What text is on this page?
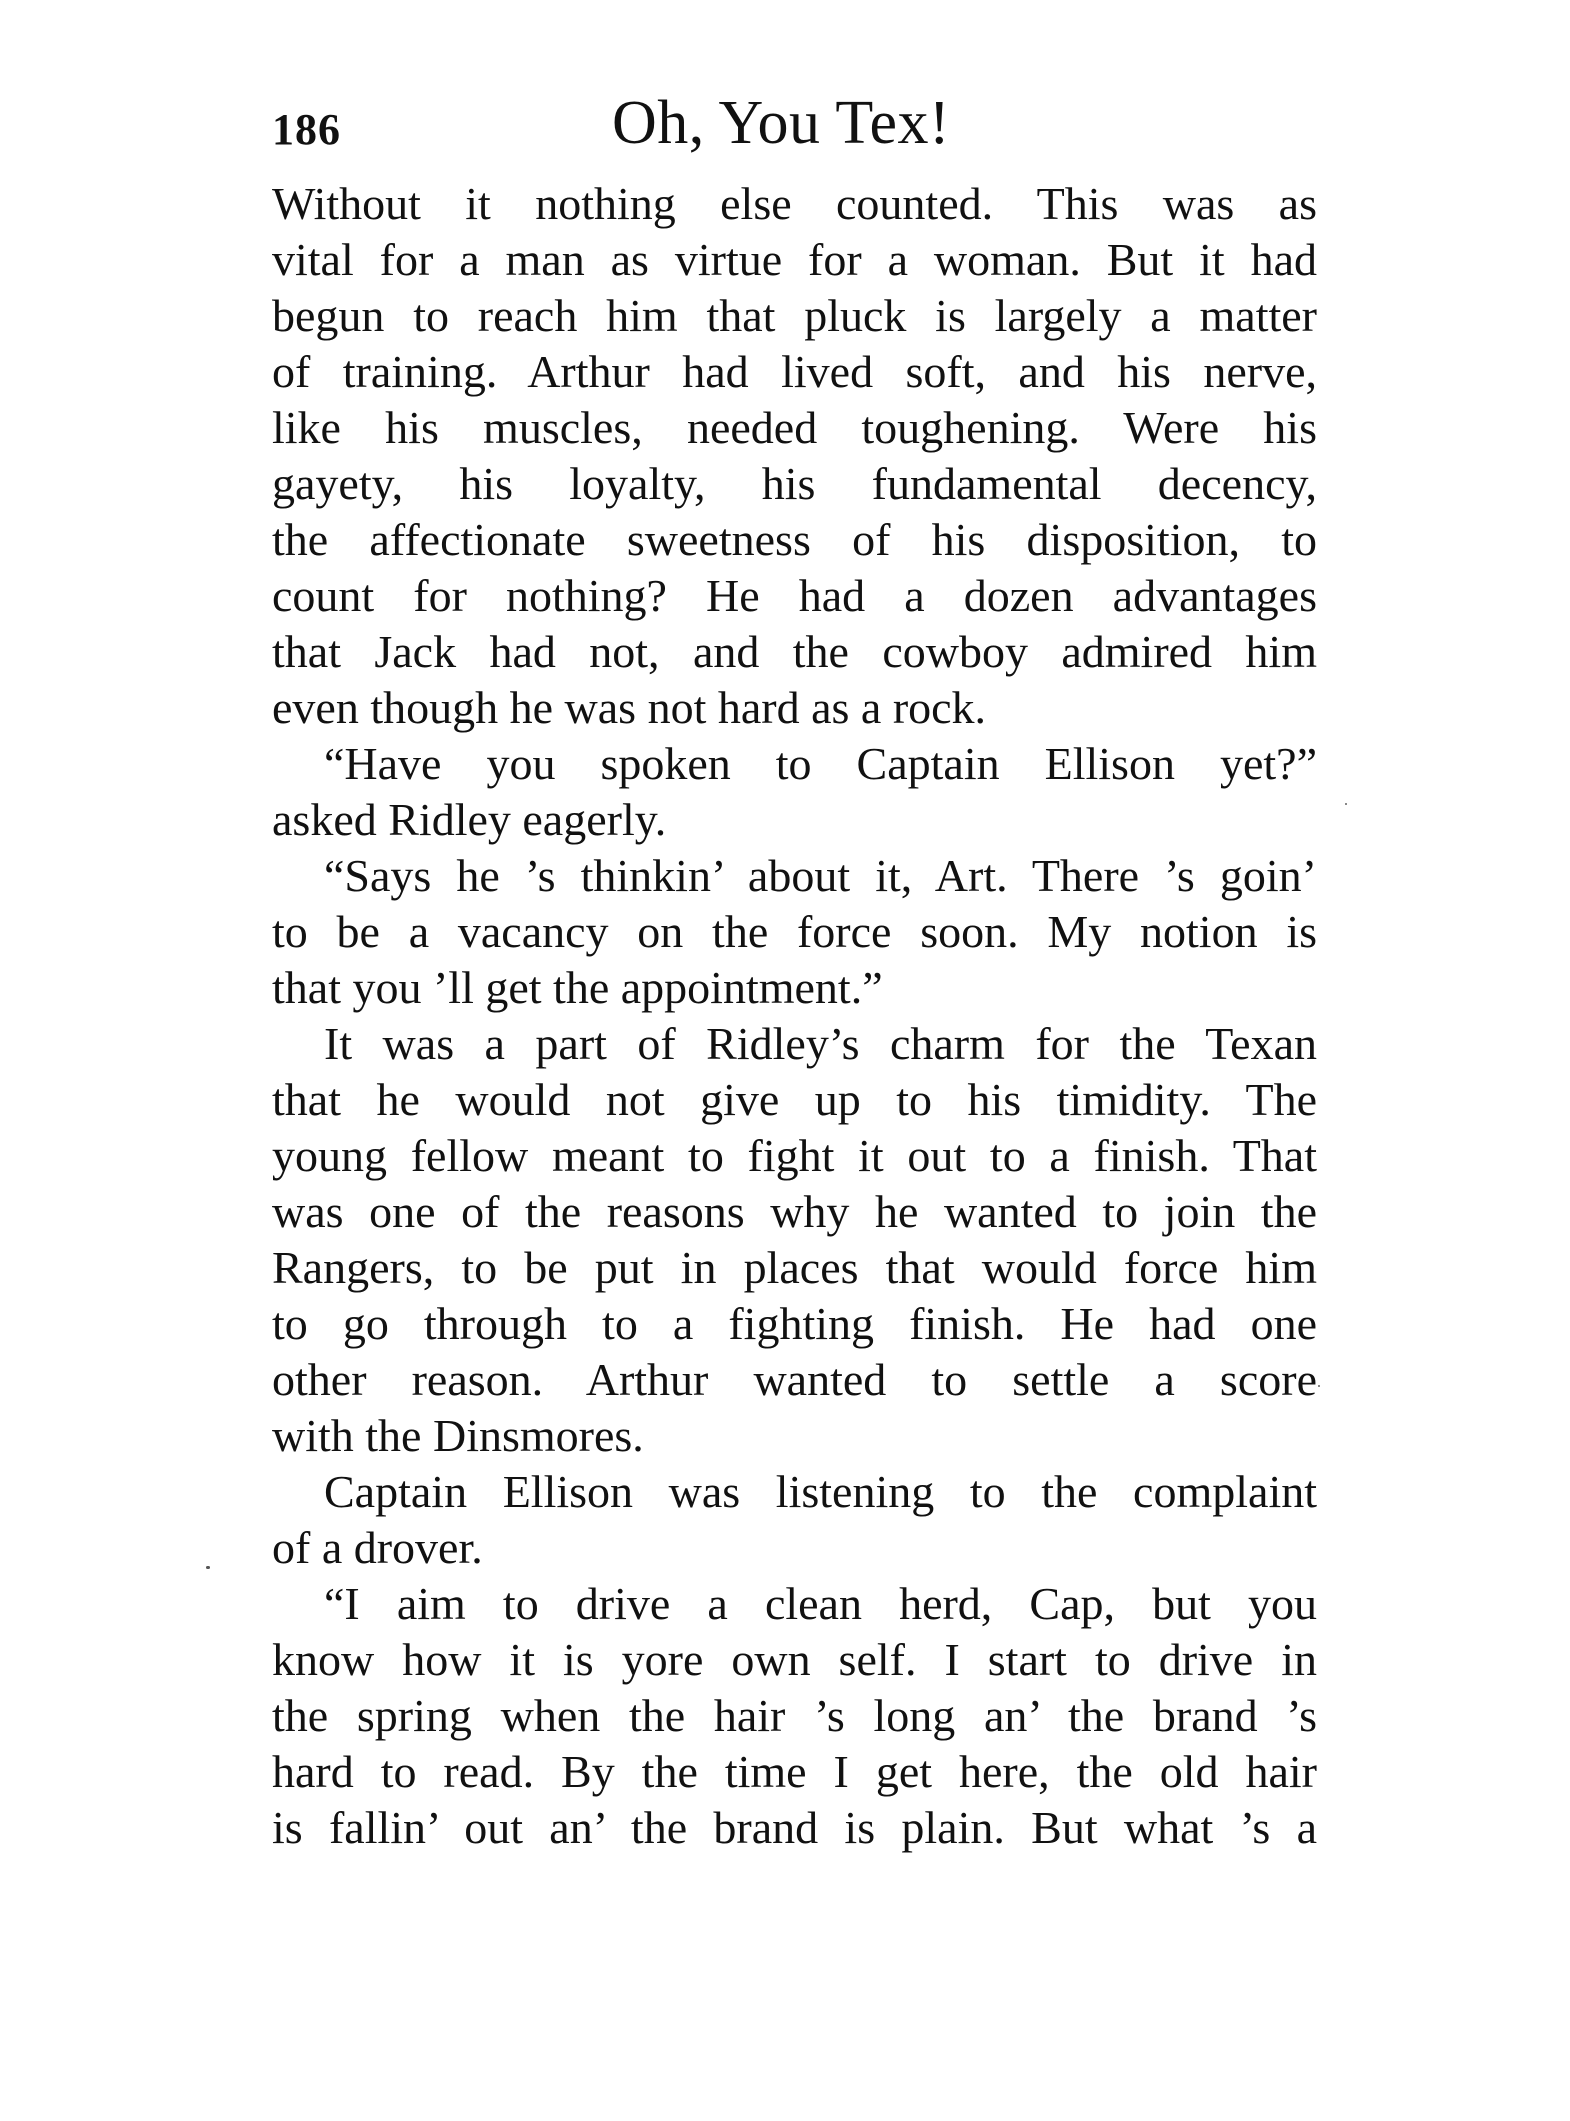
186	Oh, You Tex!
Without it nothing else counted. This was as
vital for a man as virtue for a woman. But it had
begun to reach him that pluck is largely a matter
of training. Arthur had lived soft, and his nerve,
like his muscles, needed toughening. Were his
gayety, his loyalty, his fundamental decency,
the affectionate sweetness of his disposition, to
count for nothing? He had a dozen advantages
that Jack had not, and the cowboy admired him
even though he was not hard as a rock.
“Have you spoken to Captain Ellison yet?”
asked Ridley eagerly.
“Says he ’s thinkin’ about it, Art. There ’s goin’
to be a vacancy on the force soon. My notion is
that you ’ll get the appointment.”
It was a part of Ridley’s charm for the Texan
that he would not give up to his timidity. The
young fellow meant to fight it out to a finish. That
was one of the reasons why he wanted to join the
Rangers, to be put in places that would force him
to go through to a fighting finish. He had one
other reason. Arthur wanted to settle a score
with the Dinsmores.
Captain Ellison was listening to the complaint
of a drover.
“I aim to drive a clean herd, Cap, but you
know how it is yore own self. I start to drive in
the spring when the hair ’s long an’ the brand ’s
hard to read. By the time I get here, the old hair
is fallin’ out an’ the brand is plain. But what ’s a
